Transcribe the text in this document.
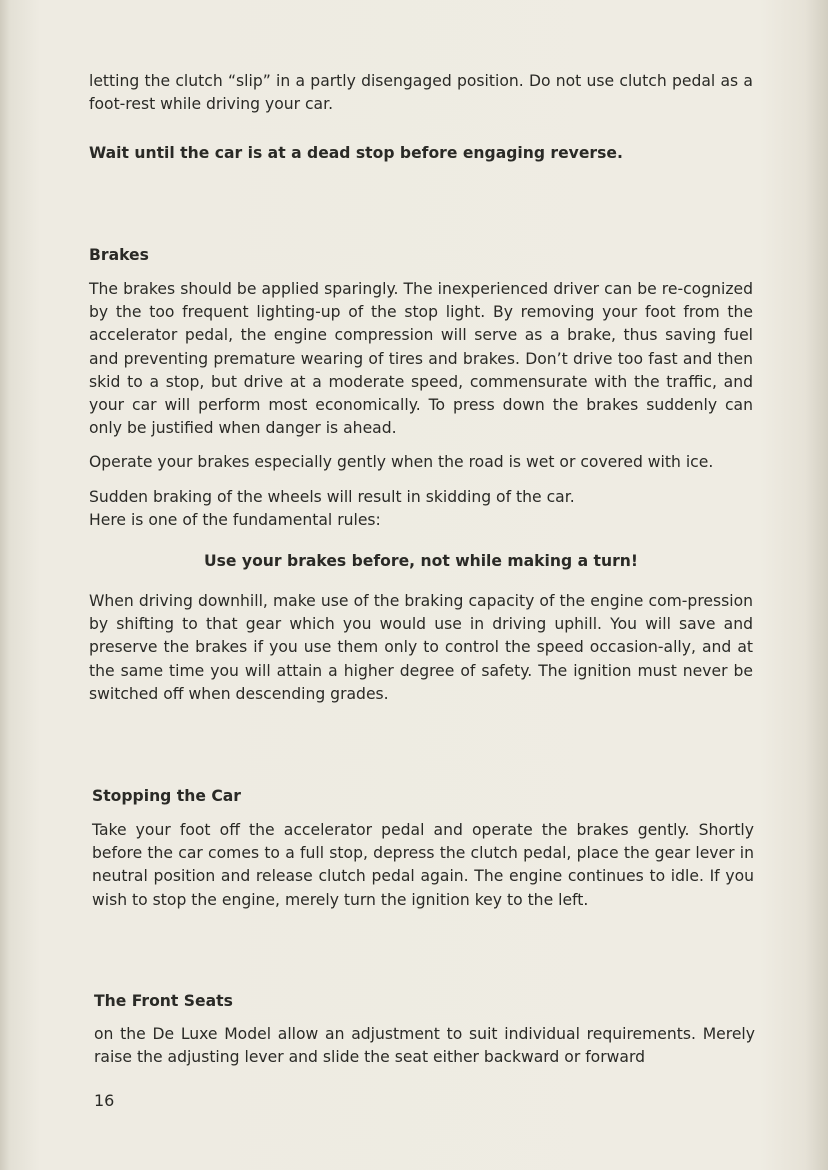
letting the clutch “slip” in a partly disengaged position. Do not use clutch pedal as a foot-rest while driving your car.

Wait until the car is at a dead stop before engaging reverse.

Brakes

The brakes should be applied sparingly. The inexperienced driver can be re-cognized by the too frequent lighting-up of the stop light. By removing your foot from the accelerator pedal, the engine compression will serve as a brake, thus saving fuel and preventing premature wearing of tires and brakes. Don’t drive too fast and then skid to a stop, but drive at a moderate speed, commensurate with the traffic, and your car will perform most economically. To press down the brakes suddenly can only be justified when danger is ahead.

Operate your brakes especially gently when the road is wet or covered with ice.

Sudden braking of the wheels will result in skidding of the car.

Here is one of the fundamental rules:

Use your brakes before, not while making a turn!

When driving downhill, make use of the braking capacity of the engine com-pression by shifting to that gear which you would use in driving uphill. You will save and preserve the brakes if you use them only to control the speed occasion-ally, and at the same time you will attain a higher degree of safety. The ignition must never be switched off when descending grades.

Stopping the Car

Take your foot off the accelerator pedal and operate the brakes gently. Shortly before the car comes to a full stop, depress the clutch pedal, place the gear lever in neutral position and release clutch pedal again. The engine continues to idle. If you wish to stop the engine, merely turn the ignition key to the left.

The Front Seats

on the De Luxe Model allow an adjustment to suit individual requirements. Merely raise the adjusting lever and slide the seat either backward or forward

16
